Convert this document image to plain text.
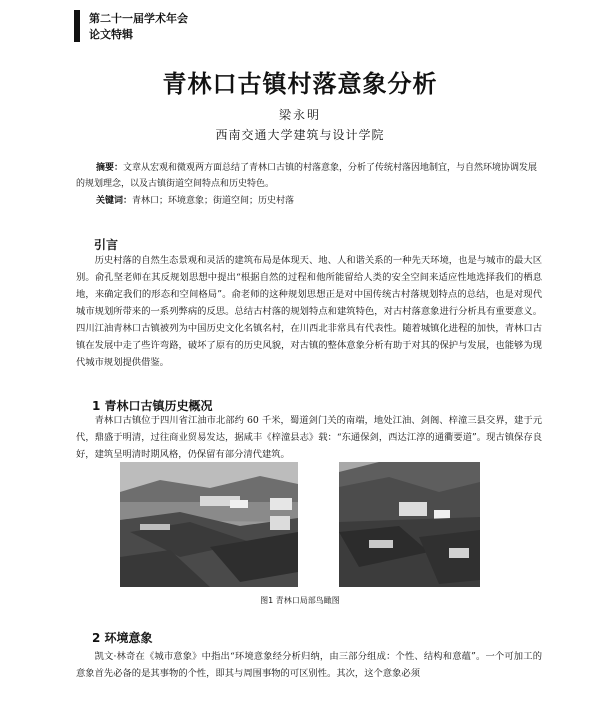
第二十一届学术年会
论文特辑
青林口古镇村落意象分析
梁永明
西南交通大学建筑与设计学院
摘要：文章从宏观和微观两方面总结了青林口古镇的村落意象，分析了传统村落因地制宜，与自然环境协调发展的规划理念，以及古镇街道空间特点和历史特色。
关键词：青林口；环境意象；街道空间；历史村落
引言
历史村落的自然生态景观和灵活的建筑布局是体现天、地、人和谐关系的一种先天环境，也是与城市的最大区别。俞孔坚老师在其反规划思想中提出“根据自然的过程和他所能留给人类的安全空间来适应性地选择我们的栖息地，来确定我们的形态和空间格局”。俞老师的这种规划思想正是对中国传统古村落规划特点的总结，也是对现代城市规划所带来的一系列弊病的反思。总结古村落的规划特点和建筑特色，对古村落意象进行分析具有重要意义。四川江油青林口古镇被列为中国历史文化名镇名村，在川西北非常具有代表性。随着城镇化进程的加快，青林口古镇在发展中走了些许弯路，破坏了原有的历史风貌，对古镇的整体意象分析有助于对其的保护与发展，也能够为现代城市规划提供借鉴。
1 青林口古镇历史概况
青林口古镇位于四川省江油市北部约 60 千米，蜀道剑门关的南端，地处江油、剑阁、梓潼三县交界，建于元代，鼎盛于明清，过往商业贸易发达，据咸丰《梓潼县志》载：“东通保剑，西达江淳的通衢要道”。现古镇保存良好，建筑呈明清时期风格，仍保留有部分清代建筑。
图1 青林口局部鸟瞰图
2 环境意象
凯文·林奇在《城市意象》中指出“环境意象经分析归纳，由三部分组成：个性、结构和意蕴”。一个可加工的意象首先必备的是其事物的个性，即其与周围事物的可区别性。其次，这个意象必须
